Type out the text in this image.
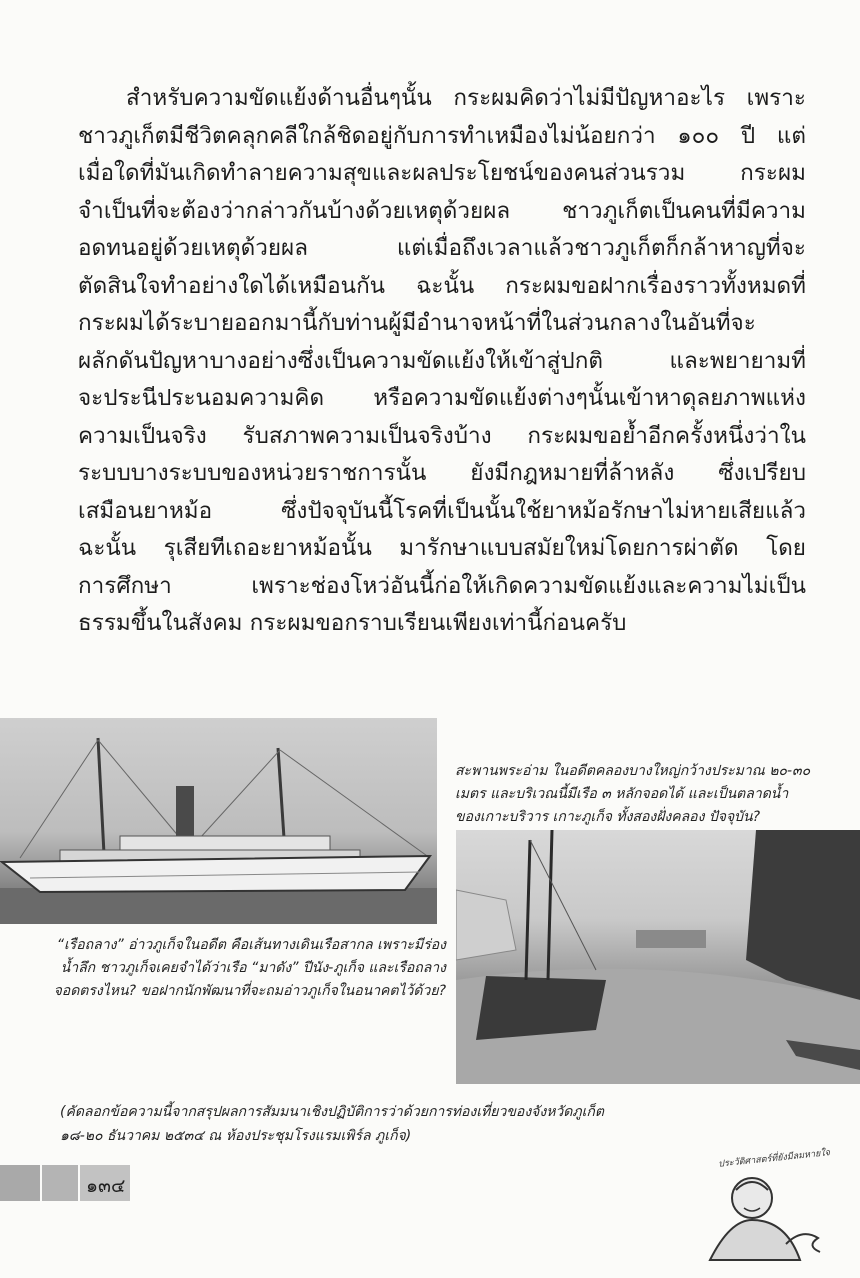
สำหรับความขัดแย้งด้านอื่นๆนั้น กระผมคิดว่าไม่มีปัญหาอะไร เพราะ
ชาวภูเก็ตมีชีวิตคลุกคลีใกล้ชิดอยู่กับการทำเหมืองไม่น้อยกว่า ๑๐๐ ปี แต่
เมื่อใดที่มันเกิดทำลายความสุขและผลประโยชน์ของคนส่วนรวม กระผม
จำเป็นที่จะต้องว่ากล่าวกันบ้างด้วยเหตุด้วยผล ชาวภูเก็ตเป็นคนที่มีความ
อดทนอยู่ด้วยเหตุด้วยผล แต่เมื่อถึงเวลาแล้วชาวภูเก็ตก็กล้าหาญที่จะ
ตัดสินใจทำอย่างใดได้เหมือนกัน ฉะนั้น กระผมขอฝากเรื่องราวทั้งหมดที่
กระผมได้ระบายออกมานี้กับท่านผู้มีอำนาจหน้าที่ในส่วนกลางในอันที่จะ
ผลักดันปัญหาบางอย่างซึ่งเป็นความขัดแย้งให้เข้าสู่ปกติ และพยายามที่
จะประนีประนอมความคิด หรือความขัดแย้งต่างๆนั้นเข้าหาดุลยภาพแห่ง
ความเป็นจริง รับสภาพความเป็นจริงบ้าง กระผมขอย้ำอีกครั้งหนึ่งว่าใน
ระบบบางระบบของหน่วยราชการนั้น ยังมีกฎหมายที่ล้าหลัง ซึ่งเปรียบ
เสมือนยาหม้อ ซึ่งปัจจุบันนี้โรคที่เป็นนั้นใช้ยาหม้อรักษาไม่หายเสียแล้ว
ฉะนั้น รุเสียทีเถอะยาหม้อนั้น มารักษาแบบสมัยใหม่โดยการผ่าตัด โดย
การศึกษา เพราะช่องโหว่อันนี้ก่อให้เกิดความขัดแย้งและความไม่เป็น
ธรรมขึ้นในสังคม กระผมขอกราบเรียนเพียงเท่านี้ก่อนครับ

สะพานพระอ่าม ในอดีตคลองบางใหญ่กว้างประมาณ ๒๐-๓๐
เมตร และบริเวณนี้มีเรือ ๓ หลักจอดได้ และเป็นตลาดน้ำ
ของเกาะบริวาร เกาะภูเก็จ ทั้งสองฝั่งคลอง ปัจจุบัน?

“เรือถลาง” อ่าวภูเก็จในอดีต คือเส้นทางเดินเรือสากล เพราะมีร่อง
น้ำลึก ชาวภูเก็จเคยจำได้ว่าเรือ “มาดัง” ปีนัง-ภูเก็จ และเรือถลาง
จอดตรงไหน? ขอฝากนักพัฒนาที่จะถมอ่าวภูเก็จในอนาคตไว้ด้วย?

(คัดลอกข้อความนี้จากสรุปผลการสัมมนาเชิงปฏิบัติการว่าด้วยการท่องเที่ยวของจังหวัดภูเก็ต
๑๘-๒๐ ธันวาคม ๒๕๓๔ ณ ห้องประชุมโรงแรมเพิร์ล ภูเก็จ)

๑๓๔
ประวัติศาสตร์ที่ยังมีลมหายใจ
